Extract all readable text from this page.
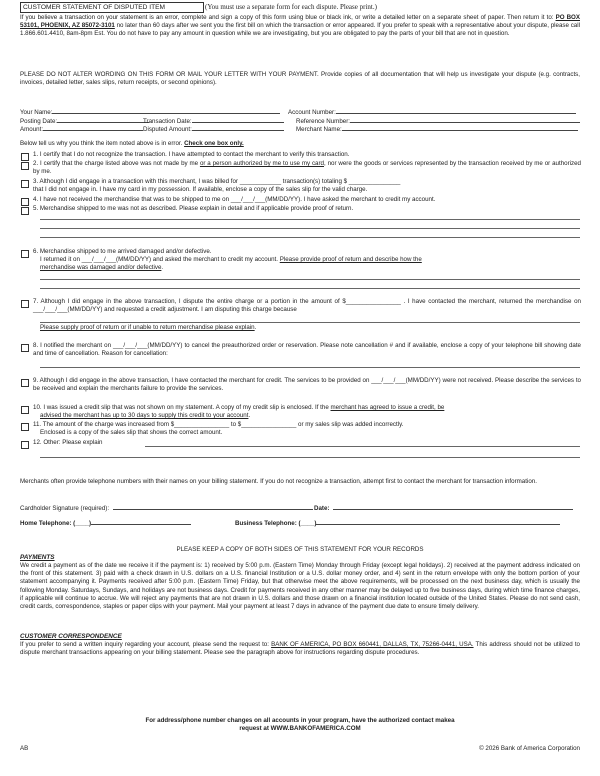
CUSTOMER STATEMENT OF DISPUTED ITEM	(You must use a separate form for each dispute. Please print.)

If you believe a transaction on your statement is an error, complete and sign a copy of this form using blue or black ink, or write a detailed letter on a separate sheet of paper. Then return it to: PO BOX 53101, PHOENIX, AZ 85072-3101 no later than 60 days after we sent you the first bill on which the transaction or error appeared. If you prefer to speak with a representative about your dispute, please call 1.866.601.4410, 8am-8pm Est. You do not have to pay any amount in question while we are investigating, but you are obligated to pay the parts of your bill that are not in question.

PLEASE DO NOT ALTER WORDING ON THIS FORM OR MAIL YOUR LETTER WITH YOUR PAYMENT. Provide copies of all documentation that will help us investigate your dispute (e.g. contracts, invoices, detailed letter, sales slips, return receipts, or second opinions).

Your Name:	Account Number:
Posting Date:	Transaction Date:	Reference Number:
Amount:	Disputed Amount:	Merchant Name:

Below tell us why you think the item noted above is in error. Check one box only.

1. I certify that I do not recognize the transaction. I have attempted to contact the merchant to verify this transaction.

2. I certify that the charge listed above was not made by me or a person authorized by me to use my card, nor were the goods or services represented by the transaction received by me or authorized by me.

3. Although I did engage in a transaction with this merchant, I was billed for ____________ transaction(s) totaling $ _______________
that I did not engage in. I have my card in my possession. If available, enclose a copy of the sales slip for the valid charge.

4. I have not received the merchandise that was to be shipped to me on ___/___/___(MM/DD/YY). I have asked the merchant to credit my account.

5. Merchandise shipped to me was not as described. Please explain in detail and if applicable provide proof of return.

6. Merchandise shipped to me arrived damaged and/or defective.
I returned it on ___/___/___(MM/DD/YY) and asked the merchant to credit my account. Please provide proof of return and describe how the
merchandise was damaged and/or defective.

7. Although I did engage in the above transaction, I dispute the entire charge or a portion in the amount of $________________ . I have contacted the merchant, returned the merchandise on ___/___/___(MM/DD/YY) and requested a credit adjustment. I am disputing this charge because

Please supply proof of return or if unable to return merchandise please explain.

8. I notified the merchant on ___/___/___(MM/DD/YY) to cancel the preauthorized order or reservation. Please note cancellation # and if available, enclose a copy of your telephone bill showing date and time of cancellation. Reason for cancellation:

9. Although I did engage in the above transaction, I have contacted the merchant for credit. The services to be provided on ___/___/___(MM/DD/YY) were not received. Please describe the services to be received and explain the merchants failure to provide the services.

10. I was issued a credit slip that was not shown on my statement. A copy of my credit slip is enclosed. If the merchant has agreed to issue a credit, be
advised the merchant has up to 30 days to supply this credit to your account.

11. The amount of the charge was increased from $________________ to $________________ or my sales slip was added incorrectly.
Enclosed is a copy of the sales slip that shows the correct amount.

12. Other: Please explain

Merchants often provide telephone numbers with their names on your billing statement. If you do not recognize a transaction, attempt first to contact the merchant for transaction information.

Cardholder Signature (required):	Date:
Home Telephone: (____)	Business Telephone: (____)
PLEASE KEEP A COPY OF BOTH SIDES OF THIS STATEMENT FOR YOUR RECORDS
PAYMENTS

We credit a payment as of the date we receive it if the payment is: 1) received by 5:00 p.m. (Eastern Time) Monday through Friday (except legal holidays). 2) received at the payment address indicated on the front of this statement. 3) paid with a check drawn in U.S. dollars on a U.S. financial Institution or a U.S. dollar money order, and 4) sent in the return envelope with only the bottom portion of your statement accompanying it. Payments received after 5:00 p.m. (Eastern Time) Friday, but that otherwise meet the above requirements, will be processed on the next business day, which is usually the following Monday. Saturdays, Sundays, and holidays are not business days. Credit for payments received in any other manner may be delayed up to five business days, during which time finance charges, if applicable will continue to accrue. We will reject any payments that are not drawn in U.S. dollars and those drawn on a financial institution located outside of the United States. Please do not send cash, credit cards, correspondence, staples or paper clips with your payment. Mail your payment at least 7 days in advance of the payment due date to ensure timely delivery.

CUSTOMER CORRESPONDENCE

If you prefer to send a written inquiry regarding your account, please send the request to: BANK OF AMERICA, PO BOX 660441, DALLAS, TX, 75266-0441, USA. This address should not be utilized to dispute merchant transactions appearing on your billing statement. Please see the paragraph above for instructions regarding dispute procedures.

For address/phone number changes on all accounts in your program, have the authorized contact makea
request at WWW.BANKOFAMERICA.COM
AB	© 2026 Bank of America Corporation
